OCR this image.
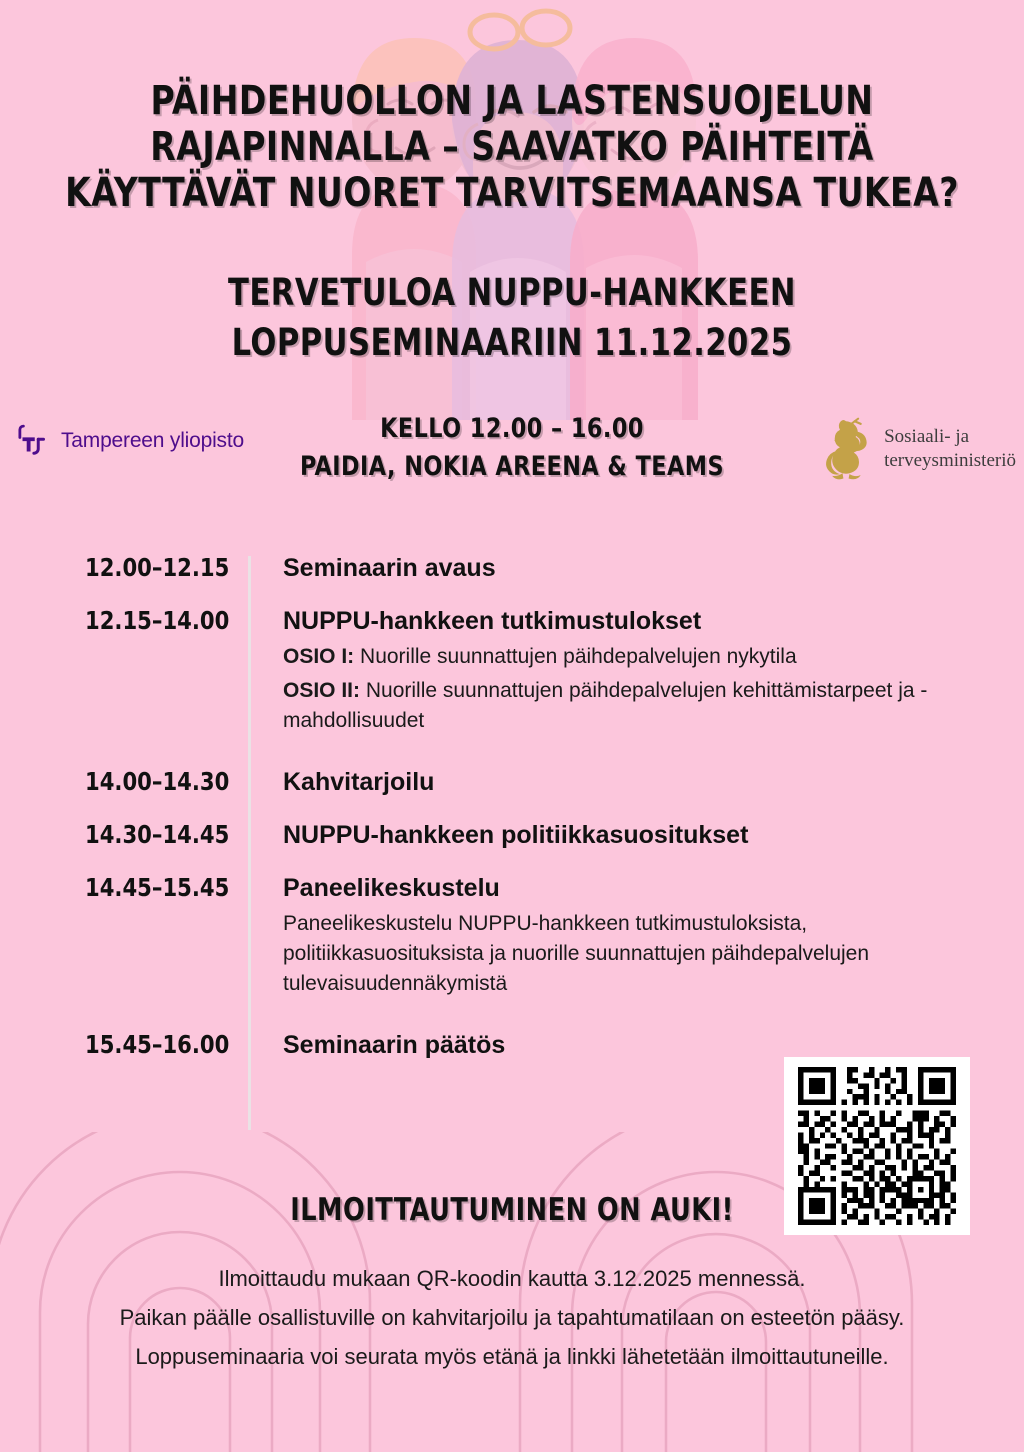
PÄIHDEHUOLLON JA LASTENSUOJELUN
RAJAPINNALLA – SAAVATKO PÄIHTEITÄ
KÄYTTÄVÄT NUORET TARVITSEMAANSA TUKEA?
TERVETULOA NUPPU-HANKKEEN
LOPPUSEMINAARIIN 11.12.2025
KELLO 12.00 – 16.00
PAIDIA, NOKIA AREENA & TEAMS
Tampereen yliopisto	Sosiaali- ja
terveysministeriö
12.00–12.15 Seminaarin avaus
12.15–14.00 NUPPU-hankkeen tutkimustulokset
OSIO I: Nuorille suunnattujen päihdepalvelujen nykytila
OSIO II: Nuorille suunnattujen päihdepalvelujen kehittämistarpeet ja -mahdollisuudet
14.00–14.30 Kahvitarjoilu
14.30–14.45 NUPPU-hankkeen politiikkasuositukset
14.45–15.45 Paneelikeskustelu
Paneelikeskustelu NUPPU-hankkeen tutkimustuloksista, politiikkasuosituksista ja nuorille suunnattujen päihdepalvelujen tulevaisuudennäkymistä
15.45–16.00 Seminaarin päätös
ILMOITTAUTUMINEN ON AUKI!

Ilmoittaudu mukaan QR-koodin kautta 3.12.2025 mennessä.

Paikan päälle osallistuville on kahvitarjoilu ja tapahtumatilaan on esteetön pääsy.

Loppuseminaaria voi seurata myös etänä ja linkki lähetetään ilmoittautuneille.
